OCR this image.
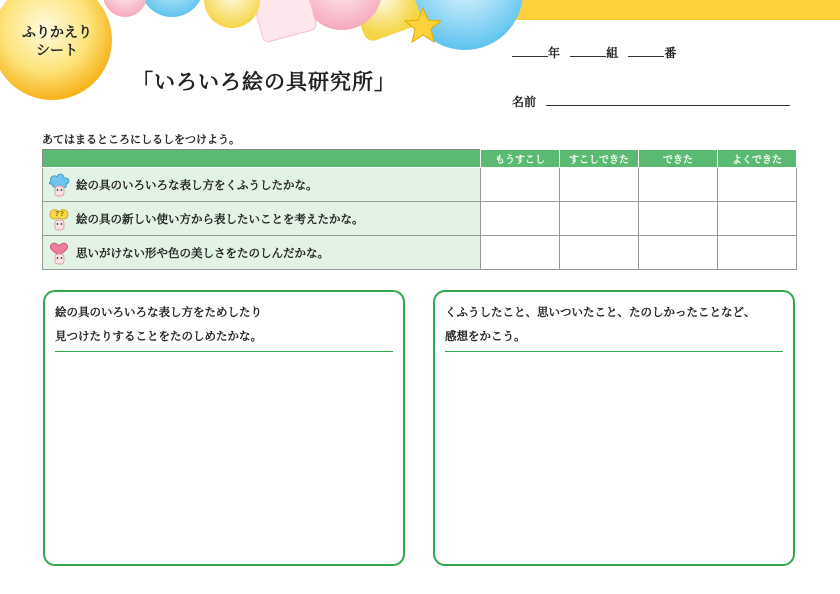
ふりかえり
シート
「いろいろ絵の具研究所」
年	組	番
名前
あてはまるところにしるしをつけよう。
	もうすこし	すこしできた	できた	よくできた

絵の具のいろいろな表し方をくふうしたかな。				

? ? 絵の具の新しい使い方から表したいことを考えたかな。				

思いがけない形や色の美しさをたのしんだかな。				

絵の具のいろいろな表し方をためしたり
見つけたりすることをたのしめたかな。
くふうしたこと、思いついたこと、たのしかったことなど、
感想をかこう。
